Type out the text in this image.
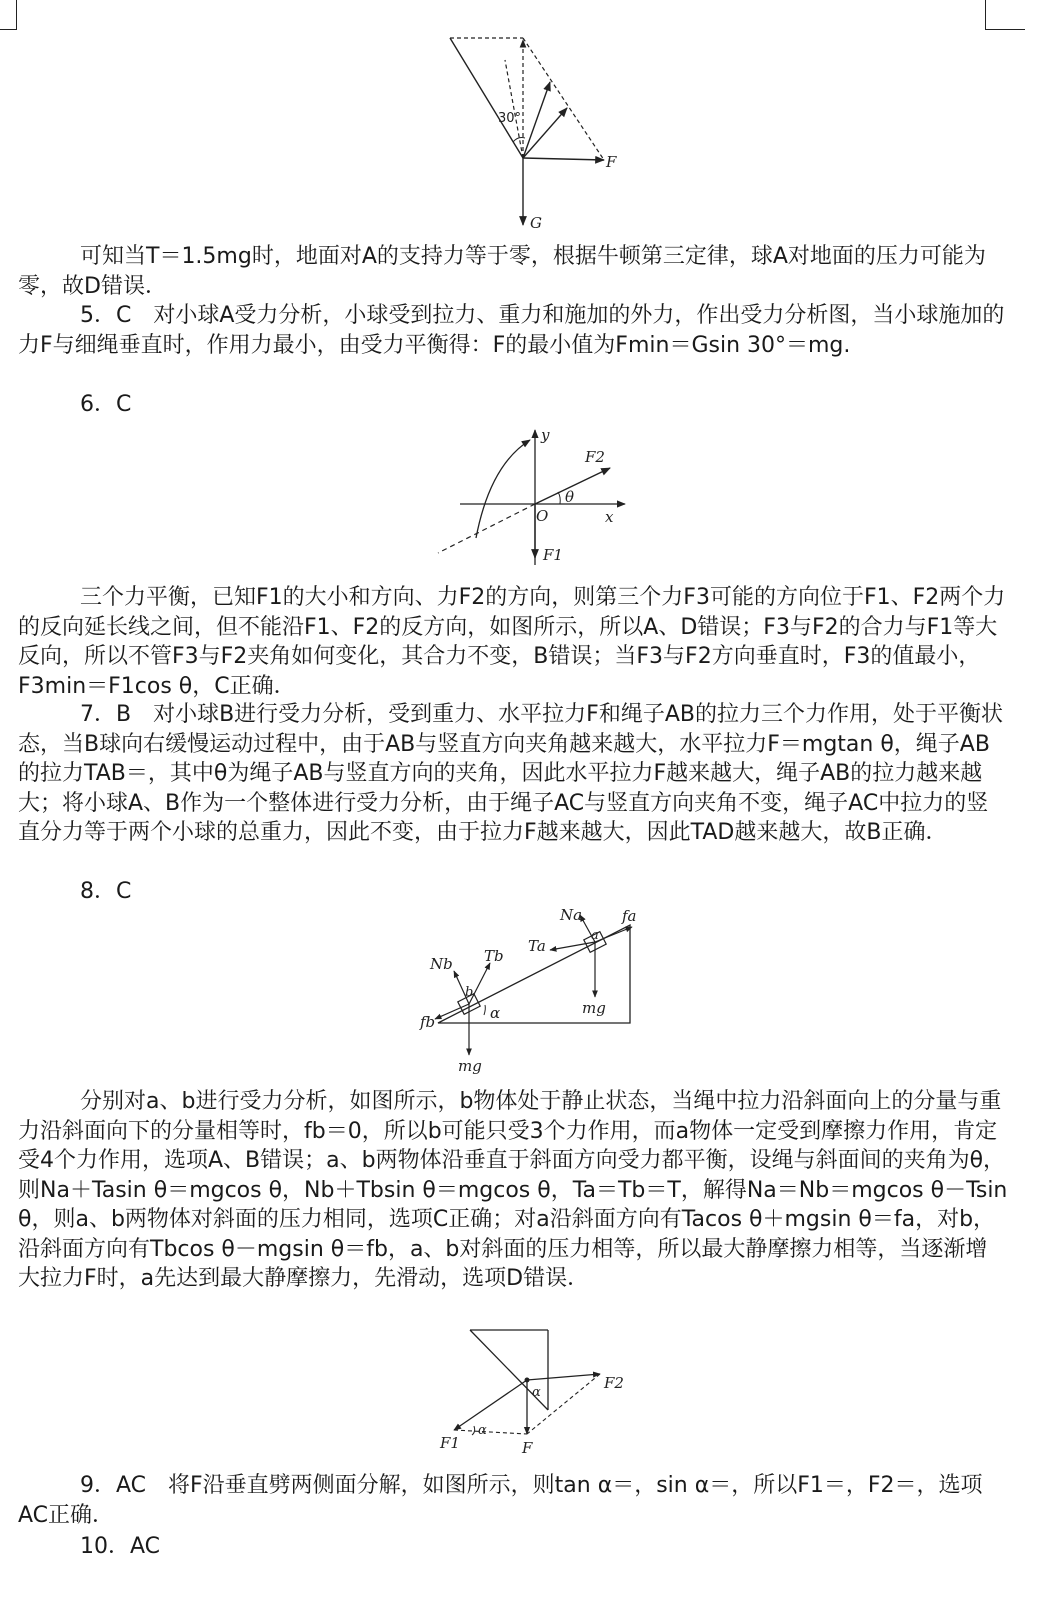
30°
F
G

可知当T＝1.5mg时，地面对A的支持力等于零，根据牛顿第三定律，球A对地面的压力可能为零，故D错误．

5．C　对小球A受力分析，小球受到拉力、重力和施加的外力，作出受力分析图，当小球施加的力F与细绳垂直时，作用力最小，由受力平衡得：F的最小值为Fmin＝Gsin 30°＝mg.

6．C

y
x
O
θ
F2
F1

三个力平衡，已知F1的大小和方向、力F2的方向，则第三个力F3可能的方向位于F1、F2两个力 的反向延长线之间，但不能沿F1、F2的反方向，如图所示，所以A、D错误；F3与F2的合力与F1等大反向，所以不管F3与F2夹角如何变化，其合力不变，B错误；当F3与F2方向垂直时，F3的值最小，F3min＝F1cos θ，C正确．

7．B　对小球B进行受力分析，受到重力、水平拉力F和绳子AB的拉力三个力作用，处于平衡状态，当B球向右缓慢运动过程中，由于AB与竖直方向夹角越来越大，水平拉力F＝mgtan θ，绳子AB的拉力TAB＝，其中θ为绳子AB与竖直方向的夹角，因此水平拉力F越来越大，绳子AB的拉力越来越大；将小球A、B作为一个整体进行受力分析，由于绳子AC与竖直方向夹角不变，绳子AC中拉力的竖直分力等于两个小球的总重力，因此不变，由于拉力F越来越大，因此TAD越来越大，故B正确．

8．C

Na	fa
Ta
a
mg
Nb Tb
b
α
fb
mg

分别对a、b进行受力分析，如图所示，b物体处于静止状态，当绳中拉力沿斜面向上的分量与重力沿斜面向下的分量相等时，fb＝0，所以b可能只受3个力作用，而a物体一定受到摩擦力作用，肯定受4个力作用，选项A、B错误；a、b两物体沿垂直于斜面方向受力都平衡，设绳与斜面间的夹角为θ，则Na＋Tasin θ＝mgcos θ，Nb＋Tbsin θ＝mgcos θ，Ta＝Tb＝T，解得Na＝Nb＝mgcos θ－Tsin θ，则a、b两物体对斜面的压力相同，选项C正确；对a沿斜面方向有Tacos θ＋mgsin θ＝fa，对b，沿斜面方向有Tbcos θ－mgsin θ＝fb，a、b对斜面的压力相等，所以最大静摩擦力相等，当逐渐增大拉力F时，a先达到最大静摩擦力，先滑动，选项D错误．

α
α
F1
F2
F

9．AC　将F沿垂直劈两侧面分解，如图所示，则tan α＝，sin α＝，所以F1＝，F2＝，选项AC正确．

10．AC
